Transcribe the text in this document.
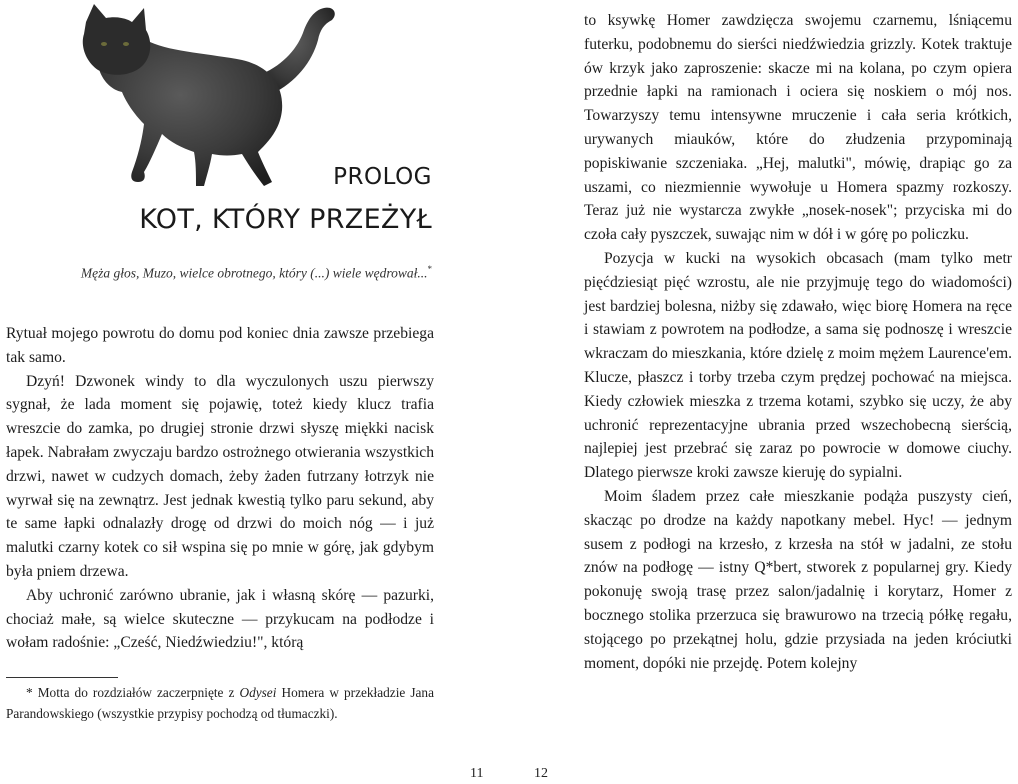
PROLOG
KOT, KTÓRY PRZEŻYŁ
Męża głos, Muzo, wielce obrotnego, który (...) wiele wędrował...*

Rytuał mojego powrotu do domu pod koniec dnia zawsze przebiega tak samo.

Dzyń! Dzwonek windy to dla wyczulonych uszu pierwszy sygnał, że lada moment się pojawię, toteż kiedy klucz trafia wreszcie do zamka, po drugiej stronie drzwi słyszę miękki nacisk łapek. Nabrałam zwyczaju bardzo ostrożnego otwierania wszystkich drzwi, nawet w cudzych domach, żeby żaden futrzany łotrzyk nie wyrwał się na zewnątrz. Jest jednak kwestią tylko paru sekund, aby te same łapki odnalazły drogę od drzwi do moich nóg — i już malutki czarny kotek co sił wspina się po mnie w górę, jak gdybym była pniem drzewa.

Aby uchronić zarówno ubranie, jak i własną skórę — pazurki, chociaż małe, są wielce skuteczne — przykucam na podłodze i wołam radośnie: „Cześć, Niedźwiedziu!", którą

* Motta do rozdziałów zaczerpnięte z Odysei Homera w przekładzie Jana Parandowskiego (wszystkie przypisy pochodzą od tłumaczki).
11

to ksywkę Homer zawdzięcza swojemu czarnemu, lśniącemu futerku, podobnemu do sierści niedźwiedzia grizzly. Kotek traktuje ów krzyk jako zaproszenie: skacze mi na kolana, po czym opiera przednie łapki na ramionach i ociera się noskiem o mój nos. Towarzyszy temu intensywne mruczenie i cała seria krótkich, urywanych miauków, które do złudzenia przypominają popiskiwanie szczeniaka. „Hej, malutki", mówię, drapiąc go za uszami, co niezmiennie wywołuje u Homera spazmy rozkoszy. Teraz już nie wystarcza zwykłe „nosek-nosek"; przyciska mi do czoła cały pyszczek, suwając nim w dół i w górę po policzku.

Pozycja w kucki na wysokich obcasach (mam tylko metr pięćdziesiąt pięć wzrostu, ale nie przyjmuję tego do wiadomości) jest bardziej bolesna, niżby się zdawało, więc biorę Homera na ręce i stawiam z powrotem na podłodze, a sama się podnoszę i wreszcie wkraczam do mieszkania, które dzielę z moim mężem Laurence'em. Klucze, płaszcz i torby trzeba czym prędzej pochować na miejsca. Kiedy człowiek mieszka z trzema kotami, szybko się uczy, że aby uchronić reprezentacyjne ubrania przed wszechobecną sierścią, najlepiej jest przebrać się zaraz po powrocie w domowe ciuchy. Dlatego pierwsze kroki zawsze kieruję do sypialni.

Moim śladem przez całe mieszkanie podąża puszysty cień, skacząc po drodze na każdy napotkany mebel. Hyc! — jednym susem z podłogi na krzesło, z krzesła na stół w jadalni, ze stołu znów na podłogę — istny Q*bert, stworek z popularnej gry. Kiedy pokonuję swoją trasę przez salon/jadalnię i korytarz, Homer z bocznego stolika przerzuca się brawurowo na trzecią półkę regału, stojącego po przekątnej holu, gdzie przysiada na jeden króciutki moment, dopóki nie przejdę. Potem kolejny

12
